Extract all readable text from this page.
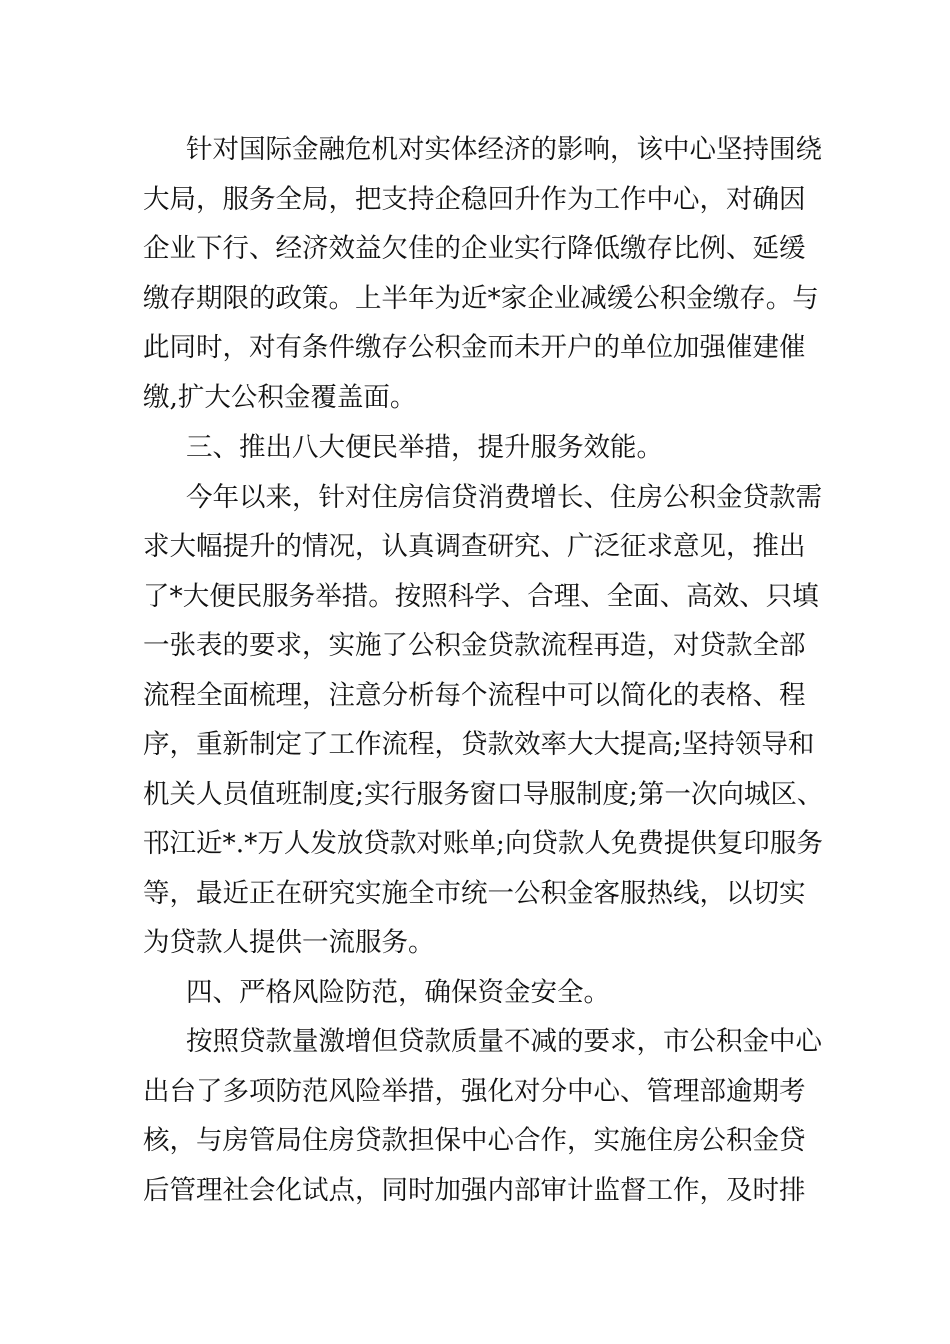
针对国际金融危机对实体经济的影响，该中心坚持围绕

大局，服务全局，把支持企稳回升作为工作中心，对确因

企业下行、经济效益欠佳的企业实行降低缴存比例、延缓

缴存期限的政策。上半年为近*家企业减缓公积金缴存。与

此同时，对有条件缴存公积金而未开户的单位加强催建催

缴,扩大公积金覆盖面。

三、推出八大便民举措，提升服务效能。

今年以来，针对住房信贷消费增长、住房公积金贷款需

求大幅提升的情况，认真调查研究、广泛征求意见，推出

了*大便民服务举措。按照科学、合理、全面、高效、只填

一张表的要求，实施了公积金贷款流程再造，对贷款全部

流程全面梳理，注意分析每个流程中可以简化的表格、程

序，重新制定了工作流程，贷款效率大大提高;坚持领导和

机关人员值班制度;实行服务窗口导服制度;第一次向城区、

邗江近*.*万人发放贷款对账单;向贷款人免费提供复印服务

等，最近正在研究实施全市统一公积金客服热线，以切实

为贷款人提供一流服务。

四、严格风险防范，确保资金安全。

按照贷款量激增但贷款质量不减的要求，市公积金中心

出台了多项防范风险举措，强化对分中心、管理部逾期考

核，与房管局住房贷款担保中心合作，实施住房公积金贷

后管理社会化试点，同时加强内部审计监督工作，及时排
